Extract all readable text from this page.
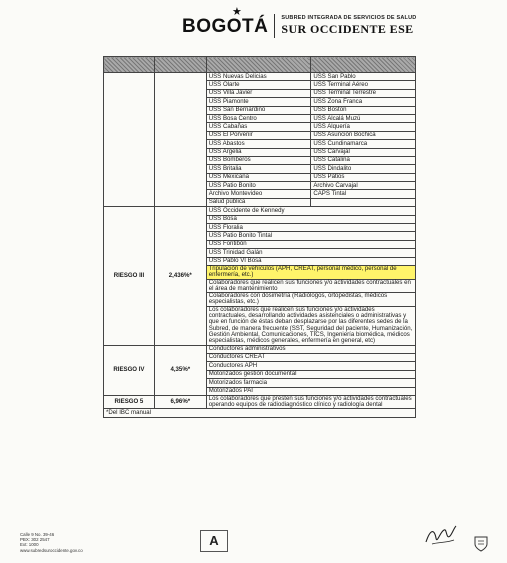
★
BOGOTÁ SUBRED INTEGRADA DE SERVICIOS DE SALUD
SUR OCCIDENTE ESE

		USS Nuevas Delicias	USS San Pablo
		USS Olarte	USS Terminal Aéreo
		USS Villa Javier	USS Terminal Terrestre
		USS Piamonte	USS Zona Franca
		USS San Bernardino	USS Boston
		USS Bosa Centro	USS Alcalá Muzú
		USS Cabañas	USS Alquería
		USS El Porvenir	USS Asunción Bochica
		USS Abastos	USS Cundinamarca
		USS Argelia	USS Carvajal
		USS Bomberos	USS Catalina
		USS Britalia	USS Dindalito
		USS Mexicana	USS Patios
		USS Patio Bonito	Archivo Carvajal
		Archivo Montevideo	CAPS Tintal
		Salud pública	
RIESGO III	2,436%*	USS Occidente de Kennedy	
		USS Bosa	
		USS Floralia	
		USS Patio Bonito Tintal	
		USS Fontibón	
		USS Trinidad Galán	
		USS Pablo VI Bosa	
		Tripulación de vehículos (APH, CREAT, personal médico, personal de enfermería, etc.)	
		Colaboradores que realicen sus funciones y/o actividades contractuales en el área de mantenimiento	
		Colaboradores con dosimetría (Radiólogos, ortopedistas, médicos especialistas, etc.)	
		Los colaboradores que realicen sus funciones y/o actividades contractuales, desarrollando actividades asistenciales o administrativas y que en función de éstas deban desplazarse por las diferentes sedes de la Subred, de manera frecuente (SST, Seguridad del paciente, Humanización, Gestión Ambiental, Comunicaciones, TICS, Ingeniería biomédica, médicos especialistas, médicos generales, enfermería en general, etc)	
RIESGO IV	4,35%*	Conductores administrativos	
		Conductores CREAT	
		Conductores APH	
		Motorizados gestión documental	
		Motorizados farmacia	
		Motorizados PAI	
RIESGO 5	6,96%*	Los colaboradores que presten sus funciones y/o actividades contractuales operando equipos de radiodiagnóstico clínico y radiología dental	
*Del IBC manual			
Calle 9 No. 39-46
PBX: 302 2547
Ext: 1000
www.subredsuroccidente.gov.co
A
